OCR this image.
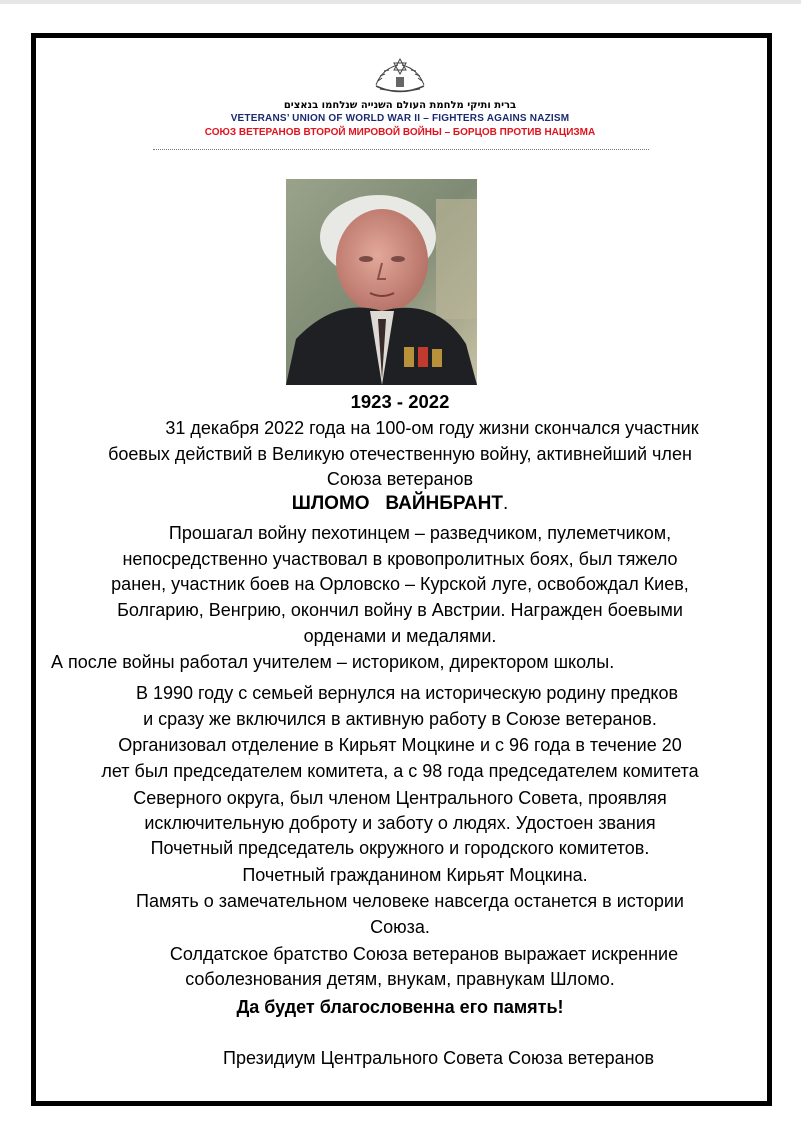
ברית ותיקי מלחמת העולם השנייה שנלחמו בנאצים
VETERANS’ UNION OF WORLD WAR II – FIGHTERS AGAINS NAZISM
СОЮЗ ВЕТЕРАНОВ ВТОРОЙ МИРОВОЙ ВОЙНЫ – БОРЦОВ ПРОТИВ НАЦИЗМА
1923 - 2022
31 декабря 2022 года на 100-ом году жизни скончался участник
боевых действий в Великую отечественную войну, активнейший член
Союза ветеранов
ШЛОМО   ВАЙНБРАНТ.
Прошагал войну пехотинцем – разведчиком, пулеметчиком,
непосредственно участвовал в кровопролитных боях, был тяжело
ранен, участник боев на Орловско – Курской луге, освобождал Киев,
Болгарию, Венгрию, окончил войну в Австрии. Награжден боевыми
орденами и медалями.
А после войны работал учителем – историком, директором школы.
В 1990 году с семьей вернулся на историческую родину предков
и сразу же включился в активную работу в Союзе ветеранов.
Организовал отделение в Кирьят Моцкине и с 96 года в течение 20
лет был председателем комитета, а с 98 года председателем комитета
Северного округа, был членом Центрального Совета, проявляя
исключительную доброту и заботу о людях. Удостоен звания
Почетный председатель окружного и городского комитетов.
Почетный гражданином Кирьят Моцкина.
Память о замечательном человеке навсегда останется в истории
Союза.
Солдатское братство Союза ветеранов выражает искренние
соболезнования детям, внукам, правнукам Шломо.
Да будет благословенна его память!
Президиум Центрального Совета Союза ветеранов
